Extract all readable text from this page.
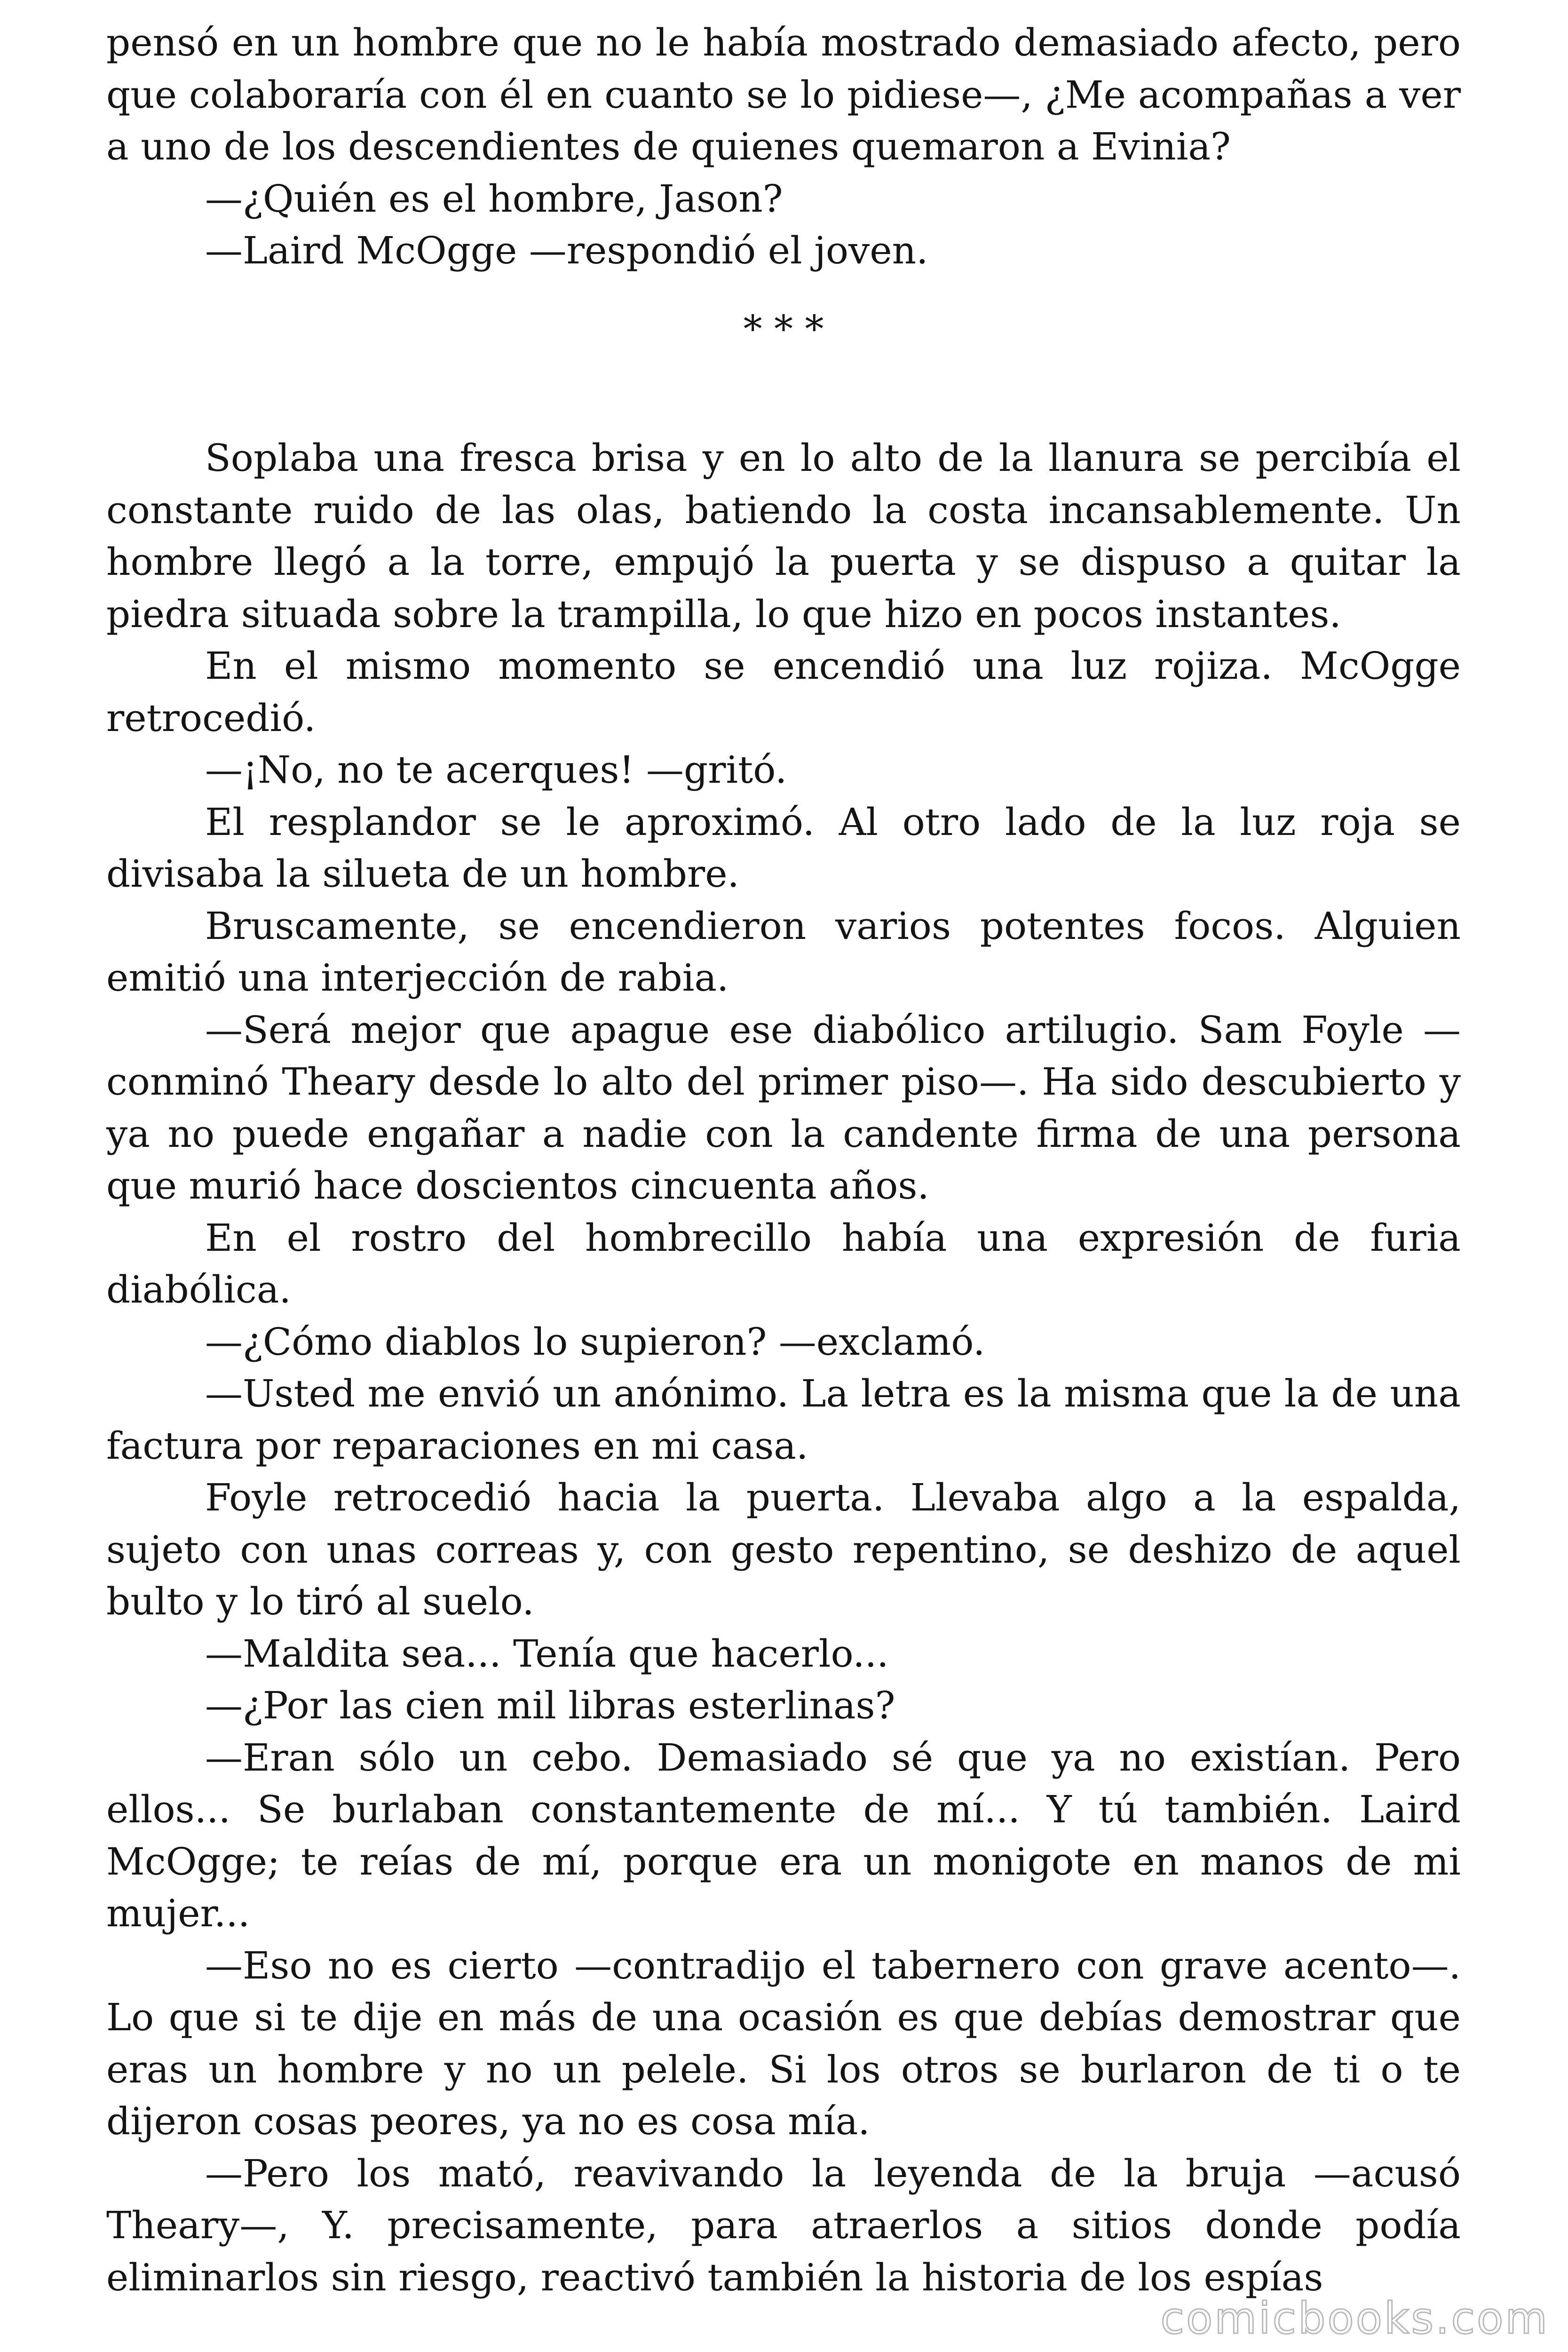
pensó en un hombre que no le había mostrado demasiado afecto, pero que colaboraría con él en cuanto se lo pidiese—, ¿Me acompañas a ver a uno de los descendientes de quienes quemaron a Evinia?

—¿Quién es el hombre, Jason?

—Laird McOgge —respondió el joven.

* * *

Soplaba una fresca brisa y en lo alto de la llanura se percibía el constante ruido de las olas, batiendo la costa incansablemente. Un hombre llegó a la torre, empujó la puerta y se dispuso a quitar la piedra situada sobre la trampilla, lo que hizo en pocos instantes.

En el mismo momento se encendió una luz rojiza. McOgge retrocedió.

—¡No, no te acerques! —gritó.

El resplandor se le aproximó. Al otro lado de la luz roja se divisaba la silueta de un hombre.

Bruscamente, se encendieron varios potentes focos. Alguien emitió una interjección de rabia.

—Será mejor que apague ese diabólico artilugio. Sam Foyle — conminó Theary desde lo alto del primer piso—. Ha sido descubierto y ya no puede engañar a nadie con la candente firma de una persona que murió hace doscientos cincuenta años.

En el rostro del hombrecillo había una expresión de furia diabólica.

—¿Cómo diablos lo supieron? —exclamó.

—Usted me envió un anónimo. La letra es la misma que la de una factura por reparaciones en mi casa.

Foyle retrocedió hacia la puerta. Llevaba algo a la espalda, sujeto con unas correas y, con gesto repentino, se deshizo de aquel bulto y lo tiró al suelo.

—Maldita sea... Tenía que hacerlo...

—¿Por las cien mil libras esterlinas?

—Eran sólo un cebo. Demasiado sé que ya no existían. Pero ellos... Se burlaban constantemente de mí... Y tú también. Laird McOgge; te reías de mí, porque era un monigote en manos de mi mujer...

—Eso no es cierto —contradijo el tabernero con grave acento—. Lo que si te dije en más de una ocasión es que debías demostrar que eras un hombre y no un pelele. Si los otros se burlaron de ti o te dijeron cosas peores, ya no es cosa mía.

—Pero los mató, reavivando la leyenda de la bruja —acusó Theary—, Y. precisamente, para atraerlos a sitios donde podía eliminarlos sin riesgo, reactivó también la historia de los espías

comicbooks.com
